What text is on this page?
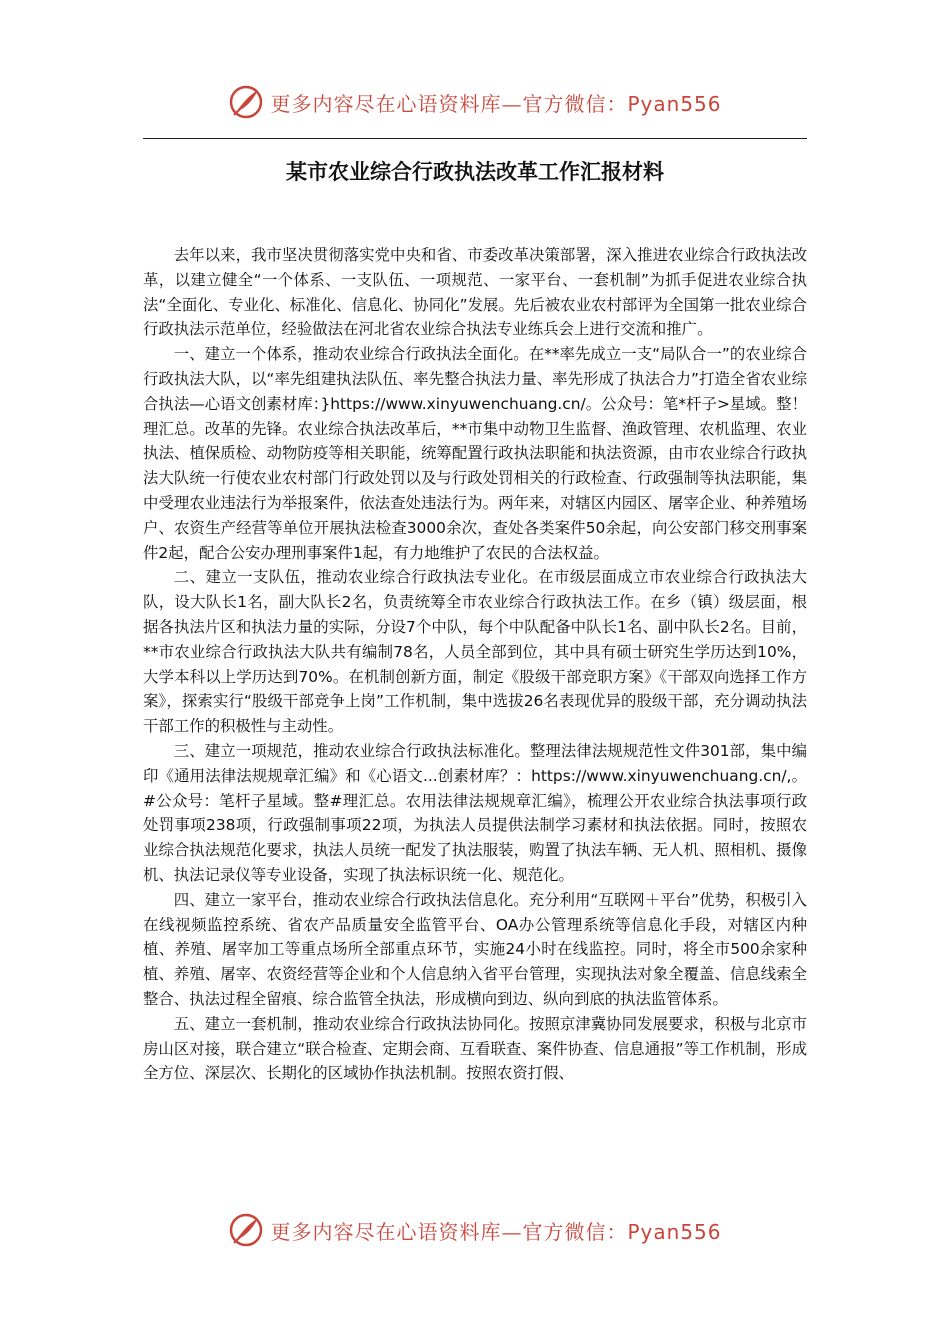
更多内容尽在心语资料库—官方微信：Pyan556
某市农业综合行政执法改革工作汇报材料

去年以来，我市坚决贯彻落实党中央和省、市委改革决策部署，深入推进农业综合行政执法改革，以建立健全“一个体系、一支队伍、一项规范、一家平台、一套机制”为抓手促进农业综合执法“全面化、专业化、标准化、信息化、协同化”发展。先后被农业农村部评为全国第一批农业综合行政执法示范单位，经验做法在河北省农业综合执法专业练兵会上进行交流和推广。

一、建立一个体系，推动农业综合行政执法全面化。在**率先成立一支“局队合一”的农业综合行政执法大队，以“率先组建执法队伍、率先整合执法力量、率先形成了执法合力”打造全省农业综合执法—心语文创素材库：}https://www.xinyuwenchuang.cn/。公众号：笔*杆子>星域。整！理汇总。改革的先锋。农业综合执法改革后，**市集中动物卫生监督、渔政管理、农机监理、农业执法、植保质检、动物防疫等相关职能，统筹配置行政执法职能和执法资源，由市农业综合行政执法大队统一行使农业农村部门行政处罚以及与行政处罚相关的行政检查、行政强制等执法职能，集中受理农业违法行为举报案件，依法查处违法行为。两年来，对辖区内园区、屠宰企业、种养殖场户、农资生产经营等单位开展执法检查3000余次，查处各类案件50余起，向公安部门移交刑事案件2起，配合公安办理刑事案件1起，有力地维护了农民的合法权益。

二、建立一支队伍，推动农业综合行政执法专业化。在市级层面成立市农业综合行政执法大队，设大队长1名，副大队长2名，负责统筹全市农业综合行政执法工作。在乡（镇）级层面，根据各执法片区和执法力量的实际，分设7个中队，每个中队配备中队长1名、副中队长2名。目前，**市农业综合行政执法大队共有编制78名，人员全部到位，其中具有硕士研究生学历达到10%，大学本科以上学历达到70%。在机制创新方面，制定《股级干部竞职方案》《干部双向选择工作方案》，探索实行“股级干部竞争上岗”工作机制，集中选拔26名表现优异的股级干部，充分调动执法干部工作的积极性与主动性。

三、建立一项规范，推动农业综合行政执法标准化。整理法律法规规范性文件301部，集中编印《通用法律法规规章汇编》和《心语文...创素材库？：https://www.xinyuwenchuang.cn/,。#公众号：笔杆子星域。整#理汇总。农用法律法规规章汇编》，梳理公开农业综合执法事项行政处罚事项238项，行政强制事项22项，为执法人员提供法制学习素材和执法依据。同时，按照农业综合执法规范化要求，执法人员统一配发了执法服装，购置了执法车辆、无人机、照相机、摄像机、执法记录仪等专业设备，实现了执法标识统一化、规范化。

四、建立一家平台，推动农业综合行政执法信息化。充分利用“互联网＋平台”优势，积极引入在线视频监控系统、省农产品质量安全监管平台、OA办公管理系统等信息化手段，对辖区内种植、养殖、屠宰加工等重点场所全部重点环节，实施24小时在线监控。同时，将全市500余家种植、养殖、屠宰、农资经营等企业和个人信息纳入省平台管理，实现执法对象全覆盖、信息线索全整合、执法过程全留痕、综合监管全执法，形成横向到边、纵向到底的执法监管体系。

五、建立一套机制，推动农业综合行政执法协同化。按照京津冀协同发展要求，积极与北京市房山区对接，联合建立“联合检查、定期会商、互看联查、案件协查、信息通报”等工作机制，形成全方位、深层次、长期化的区域协作执法机制。按照农资打假、

更多内容尽在心语资料库—官方微信：Pyan556
